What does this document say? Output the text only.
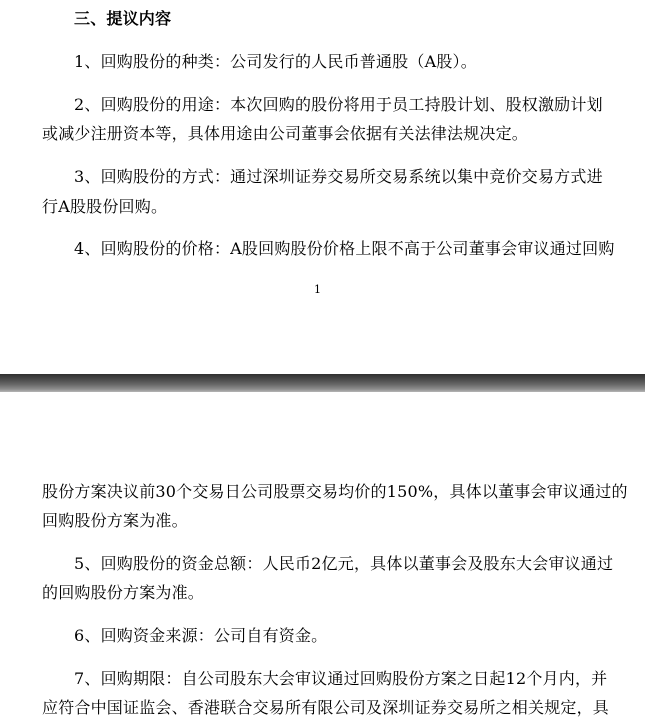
三、提议内容
1、回购股份的种类：公司发行的人民币普通股（A股）。
2、回购股份的用途：本次回购的股份将用于员工持股计划、股权激励计划
或减少注册资本等，具体用途由公司董事会依据有关法律法规决定。
3、回购股份的方式：通过深圳证券交易所交易系统以集中竞价交易方式进
行A股股份回购。
4、回购股份的价格：A股回购股份价格上限不高于公司董事会审议通过回购
1
股份方案决议前30个交易日公司股票交易均价的150%，具体以董事会审议通过的
回购股份方案为准。
5、回购股份的资金总额：人民币2亿元，具体以董事会及股东大会审议通过
的回购股份方案为准。
6、回购资金来源：公司自有资金。
7、回购期限：自公司股东大会审议通过回购股份方案之日起12个月内，并
应符合中国证监会、香港联合交易所有限公司及深圳证券交易所之相关规定，具
